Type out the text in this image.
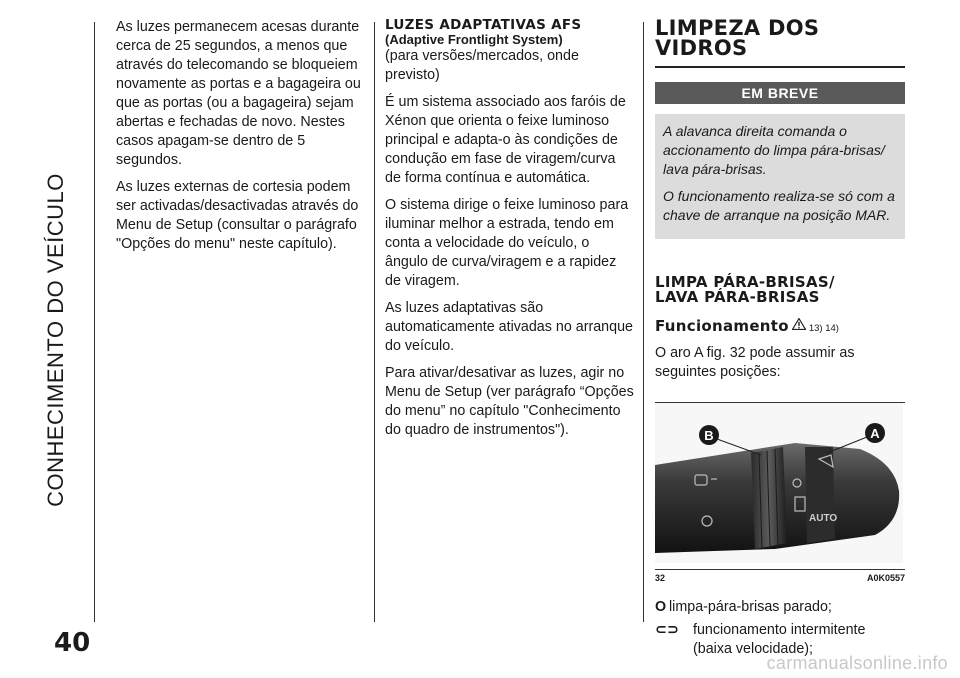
CONHECIMENTO DO VEÍCULO
40

As luzes permanecem acesas durante cerca de 25 segundos, a menos que através do telecomando se bloqueiem novamente as portas e a bagageira ou que as portas (ou a bagageira) sejam abertas e fechadas de novo. Nestes casos apagam-se dentro de 5 segundos.

As luzes externas de cortesia podem ser activadas/desactivadas através do Menu de Setup (consultar o parágrafo "Opções do menu" neste capítulo).

LUZES ADAPTATIVAS AFS
(Adaptive Frontlight System)

(para versões/mercados, onde previsto)

É um sistema associado aos faróis de Xénon que orienta o feixe luminoso principal e adapta-o às condições de condução em fase de viragem/curva de forma contínua e automática.

O sistema dirige o feixe luminoso para iluminar melhor a estrada, tendo em conta a velocidade do veículo, o ângulo de curva/viragem e a rapidez de viragem.

As luzes adaptativas são automaticamente ativadas no arranque do veículo.

Para ativar/desativar as luzes, agir no Menu de Setup (ver parágrafo “Opções do menu” no capítulo "Conhecimento do quadro de instrumentos").

LIMPEZA DOS
VIDROS
EM BREVE

A alavanca direita comanda o accionamento do limpa pára-brisas/ lava pára-brisas.

O funcionamento realiza-se só com a chave de arranque na posição MAR.

LIMPA PÁRA-BRISAS/
LAVA PÁRA-BRISAS
Funcionamento 13) 14)

O aro A fig. 32 pode assumir as seguintes posições:

AUTO
B	A
32	A0K0557
O limpa-pára-brisas parado;
⊂⊃ funcionamento intermitente (baixa velocidade);
carmanualsonline.info
